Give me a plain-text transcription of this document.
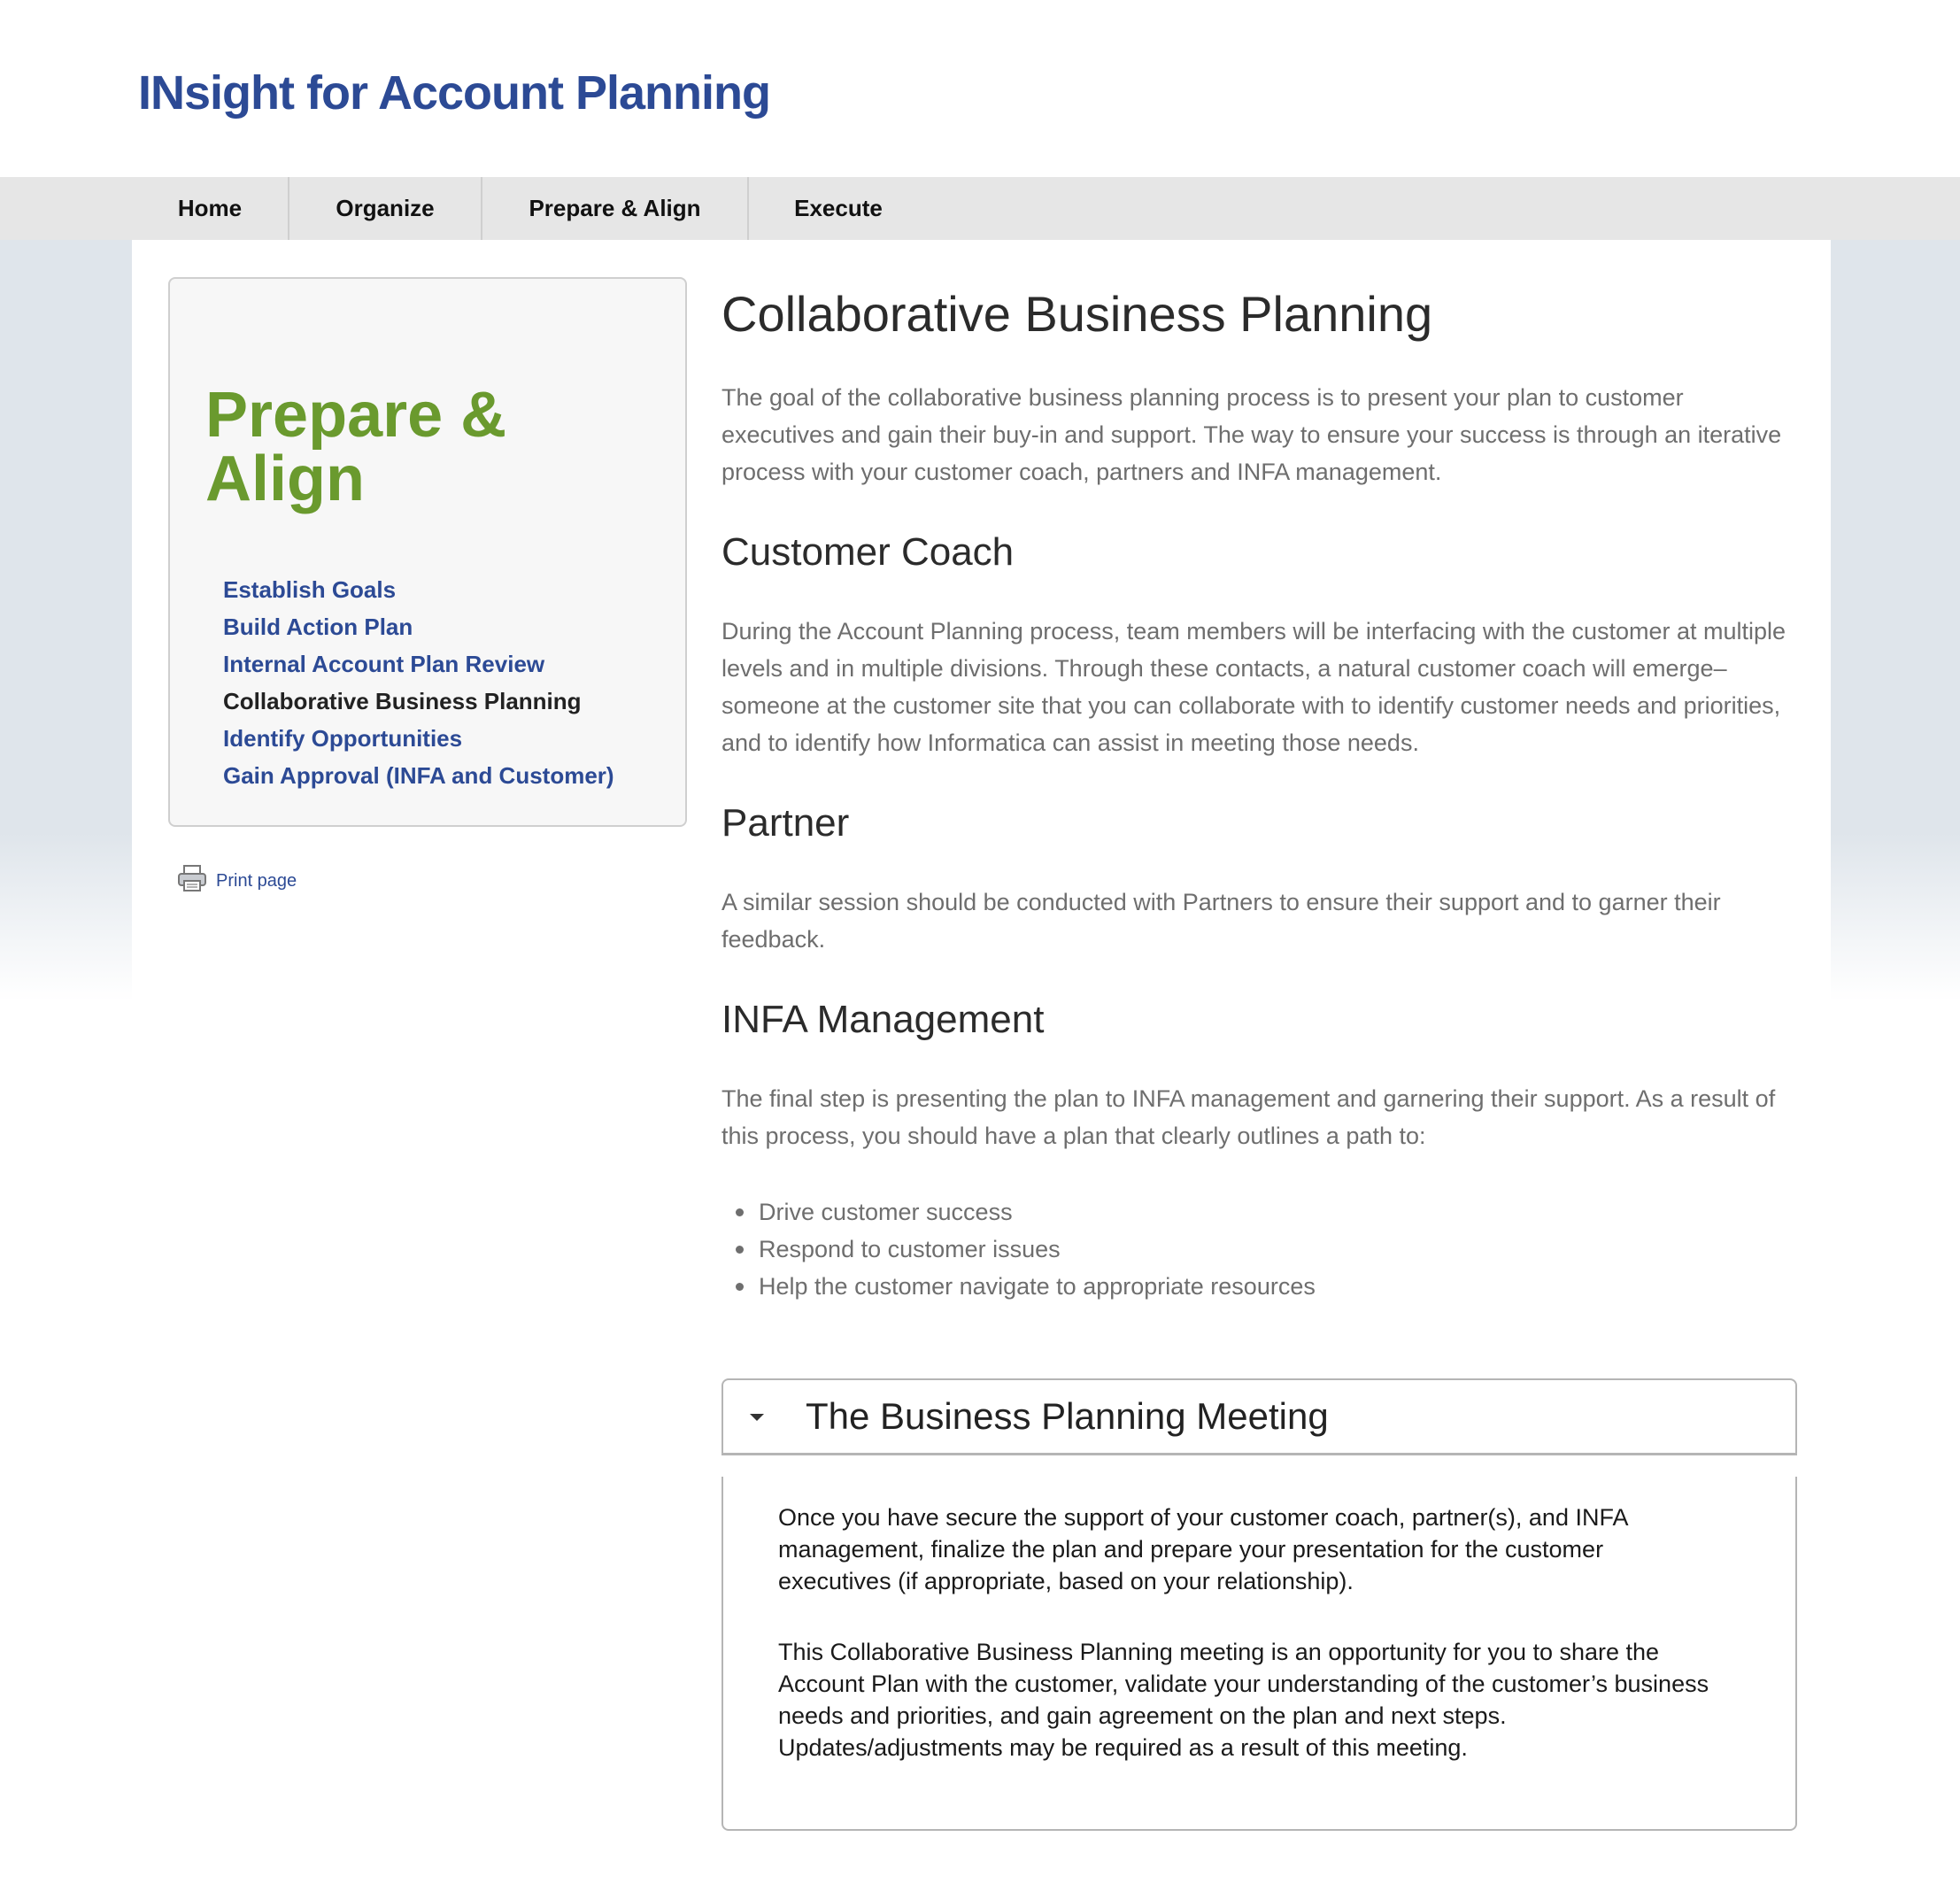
INsight for Account Planning
Home	Organize	Prepare & Align	Execute
Prepare & Align
Establish Goals
Build Action Plan
Internal Account Plan Review
Collaborative Business Planning
Identify Opportunities
Gain Approval (INFA and Customer)
Print page
Collaborative Business Planning

The goal of the collaborative business planning process is to present your plan to customer executives and gain their buy-in and support. The way to ensure your success is through an iterative process with your customer coach, partners and INFA management.

Customer Coach

During the Account Planning process, team members will be interfacing with the customer at multiple levels and in multiple divisions. Through these contacts, a natural customer coach will emerge–someone at the customer site that you can collaborate with to identify customer needs and priorities, and to identify how Informatica can assist in meeting those needs.

Partner

A similar session should be conducted with Partners to ensure their support and to garner their feedback.

INFA Management

The final step is presenting the plan to INFA management and garnering their support. As a result of this process, you should have a plan that clearly outlines a path to:

Drive customer success
Respond to customer issues
Help the customer navigate to appropriate resources
The Business Planning Meeting

Once you have secure the support of your customer coach, partner(s), and INFA management, finalize the plan and prepare your presentation for the customer executives (if appropriate, based on your relationship).

This Collaborative Business Planning meeting is an opportunity for you to share the Account Plan with the customer, validate your understanding of the customer’s business needs and priorities, and gain agreement on the plan and next steps. Updates/adjustments may be required as a result of this meeting.
